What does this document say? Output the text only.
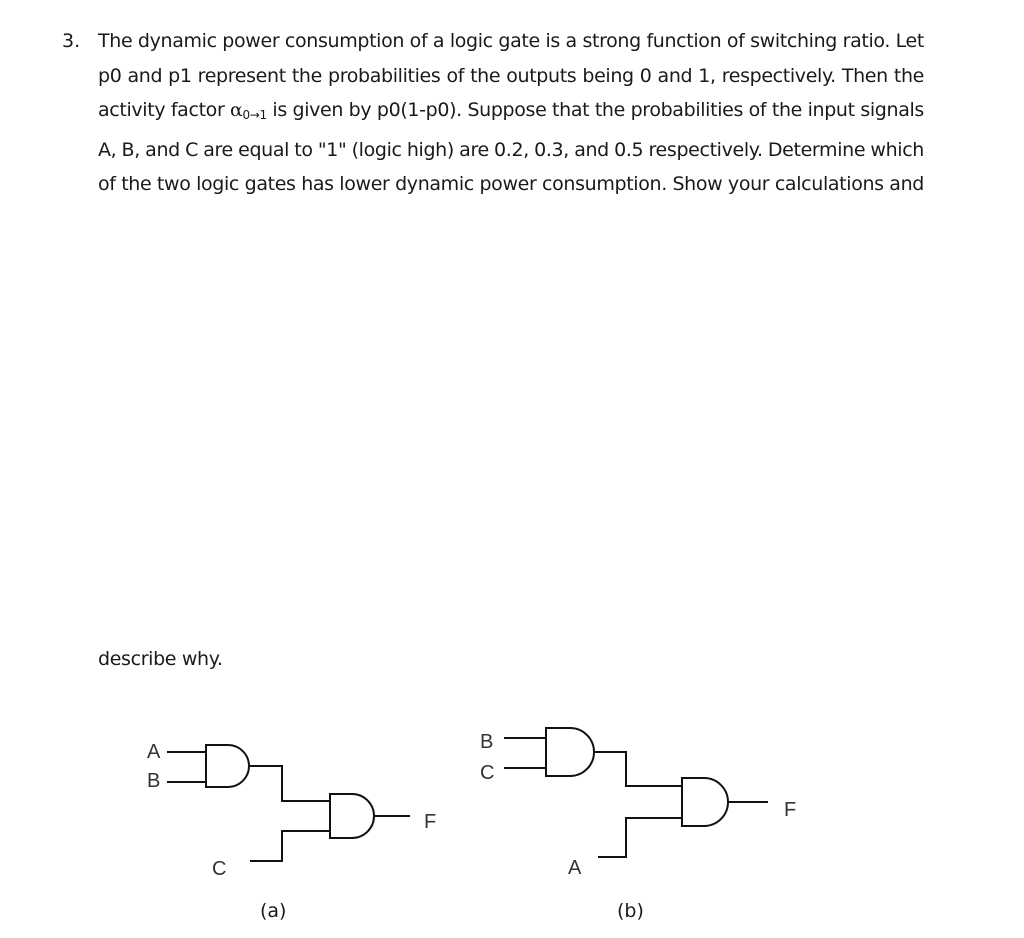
3. The dynamic power consumption of a logic gate is a strong function of switching ratio. Let
p0 and p1 represent the probabilities of the outputs being 0 and 1, respectively. Then the
activity factor α0→1 is given by p0(1-p0). Suppose that the probabilities of the input signals
A, B, and C are equal to "1" (logic high) are 0.2, 0.3, and 0.5 respectively. Determine which
of the two logic gates has lower dynamic power consumption. Show your calculations and
describe why.
A
B
F
C
(a)
B
C
F
A
(b)
